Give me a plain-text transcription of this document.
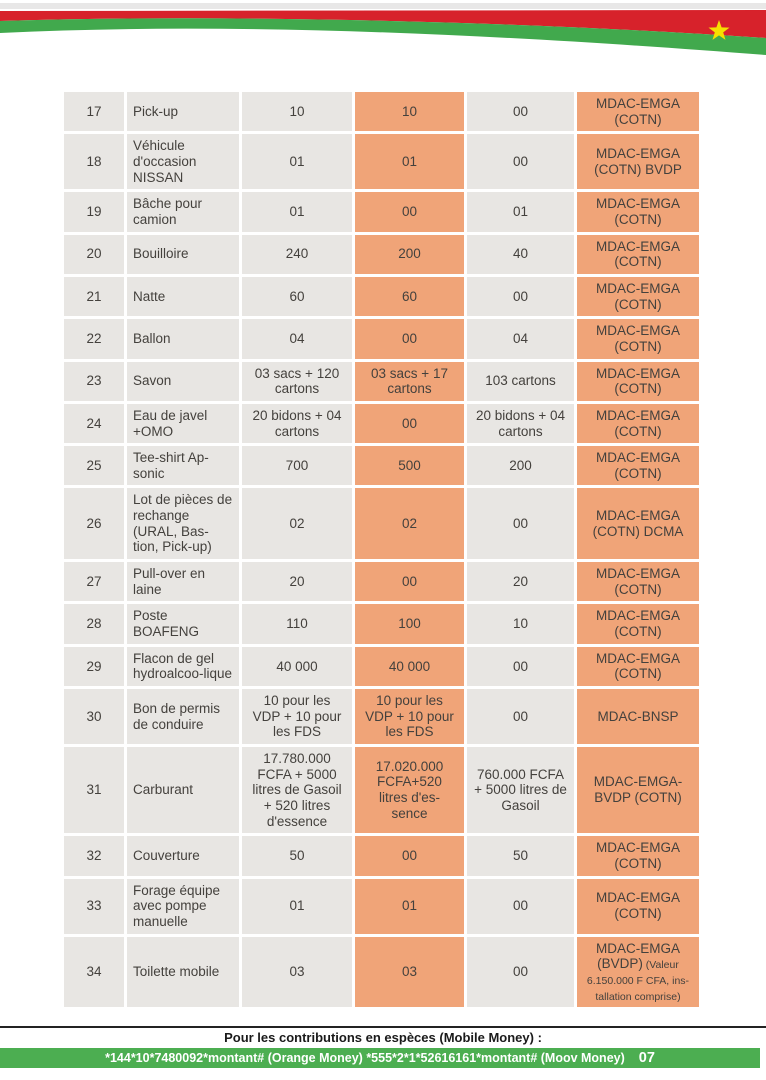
17	Pick-up	10	10	00	MDAC-EMGA (COTN)
18	Véhicule d'occasion NISSAN	01	01	00	MDAC-EMGA (COTN) BVDP
19	Bâche pour camion	01	00	01	MDAC-EMGA (COTN)
20	Bouilloire	240	200	40	MDAC-EMGA (COTN)
21	Natte	60	60	00	MDAC-EMGA (COTN)
22	Ballon	04	00	04	MDAC-EMGA (COTN)
23	Savon	03 sacs + 120 cartons	03 sacs + 17 cartons	103 cartons	MDAC-EMGA (COTN)
24	Eau de javel +OMO	20 bidons + 04 cartons	00	20 bidons + 04 cartons	MDAC-EMGA (COTN)
25	Tee-shirt Ap-sonic	700	500	200	MDAC-EMGA (COTN)
26	Lot de pièces de rechange (URAL, Bas-tion, Pick-up)	02	02	00	MDAC-EMGA (COTN) DCMA
27	Pull-over en laine	20	00	20	MDAC-EMGA (COTN)
28	Poste BOAFENG	110	100	10	MDAC-EMGA (COTN)
29	Flacon de gel hydroalcoo-lique	40 000	40 000	00	MDAC-EMGA (COTN)
30	Bon de permis de conduire	10 pour les VDP + 10 pour les FDS	10 pour les VDP + 10 pour les FDS	00	MDAC-BNSP
31	Carburant	17.780.000 FCFA + 5000 litres de Gasoil + 520 litres d'essence	17.020.000 FCFA+520 litres d'es-sence	760.000 FCFA + 5000 litres de Gasoil	MDAC-EMGA-BVDP (COTN)
32	Couverture	50	00	50	MDAC-EMGA (COTN)
33	Forage équipe avec pompe manuelle	01	01	00	MDAC-EMGA (COTN)
34	Toilette mobile	03	03	00	MDAC-EMGA (BVDP) (Valeur 6.150.000 F CFA, ins-tallation comprise)
Pour les contributions en espèces (Mobile Money) :
*144*10*7480092*montant# (Orange Money) *555*2*1*52616161*montant# (Moov Money) 07
